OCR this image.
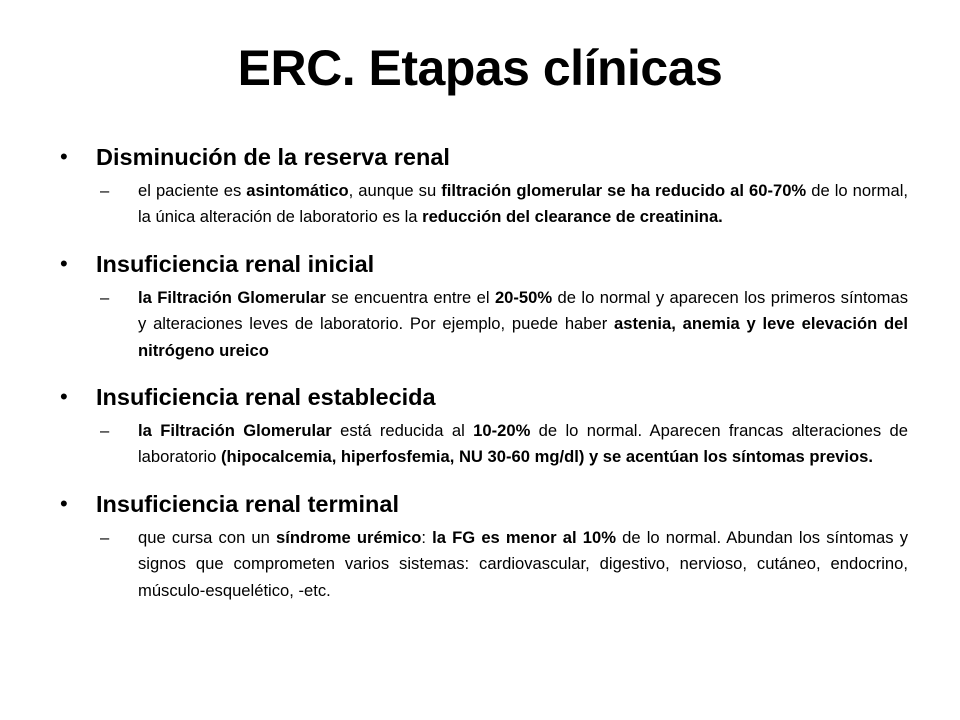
ERC. Etapas clínicas
• Disminución de la reserva renal
– el paciente es asintomático, aunque su filtración glomerular se ha reducido al 60-70% de lo normal, la única alteración de laboratorio es la reducción del clearance de creatinina.
• Insuficiencia renal inicial
– la Filtración Glomerular se encuentra entre el 20-50% de lo normal y aparecen los primeros síntomas y alteraciones leves de laboratorio. Por ejemplo, puede haber astenia, anemia y leve elevación del nitrógeno ureico
• Insuficiencia renal establecida
– la Filtración Glomerular está reducida al 10-20% de lo normal. Aparecen francas alteraciones de laboratorio (hipocalcemia, hiperfosfemia, NU 30-60 mg/dl) y se acentúan los síntomas previos.
• Insuficiencia renal terminal
– que cursa con un síndrome urémico: la FG es menor al 10% de lo normal. Abundan los síntomas y signos que comprometen varios sistemas: cardiovascular, digestivo, nervioso, cutáneo, endocrino, músculo-esquelético, -etc.
